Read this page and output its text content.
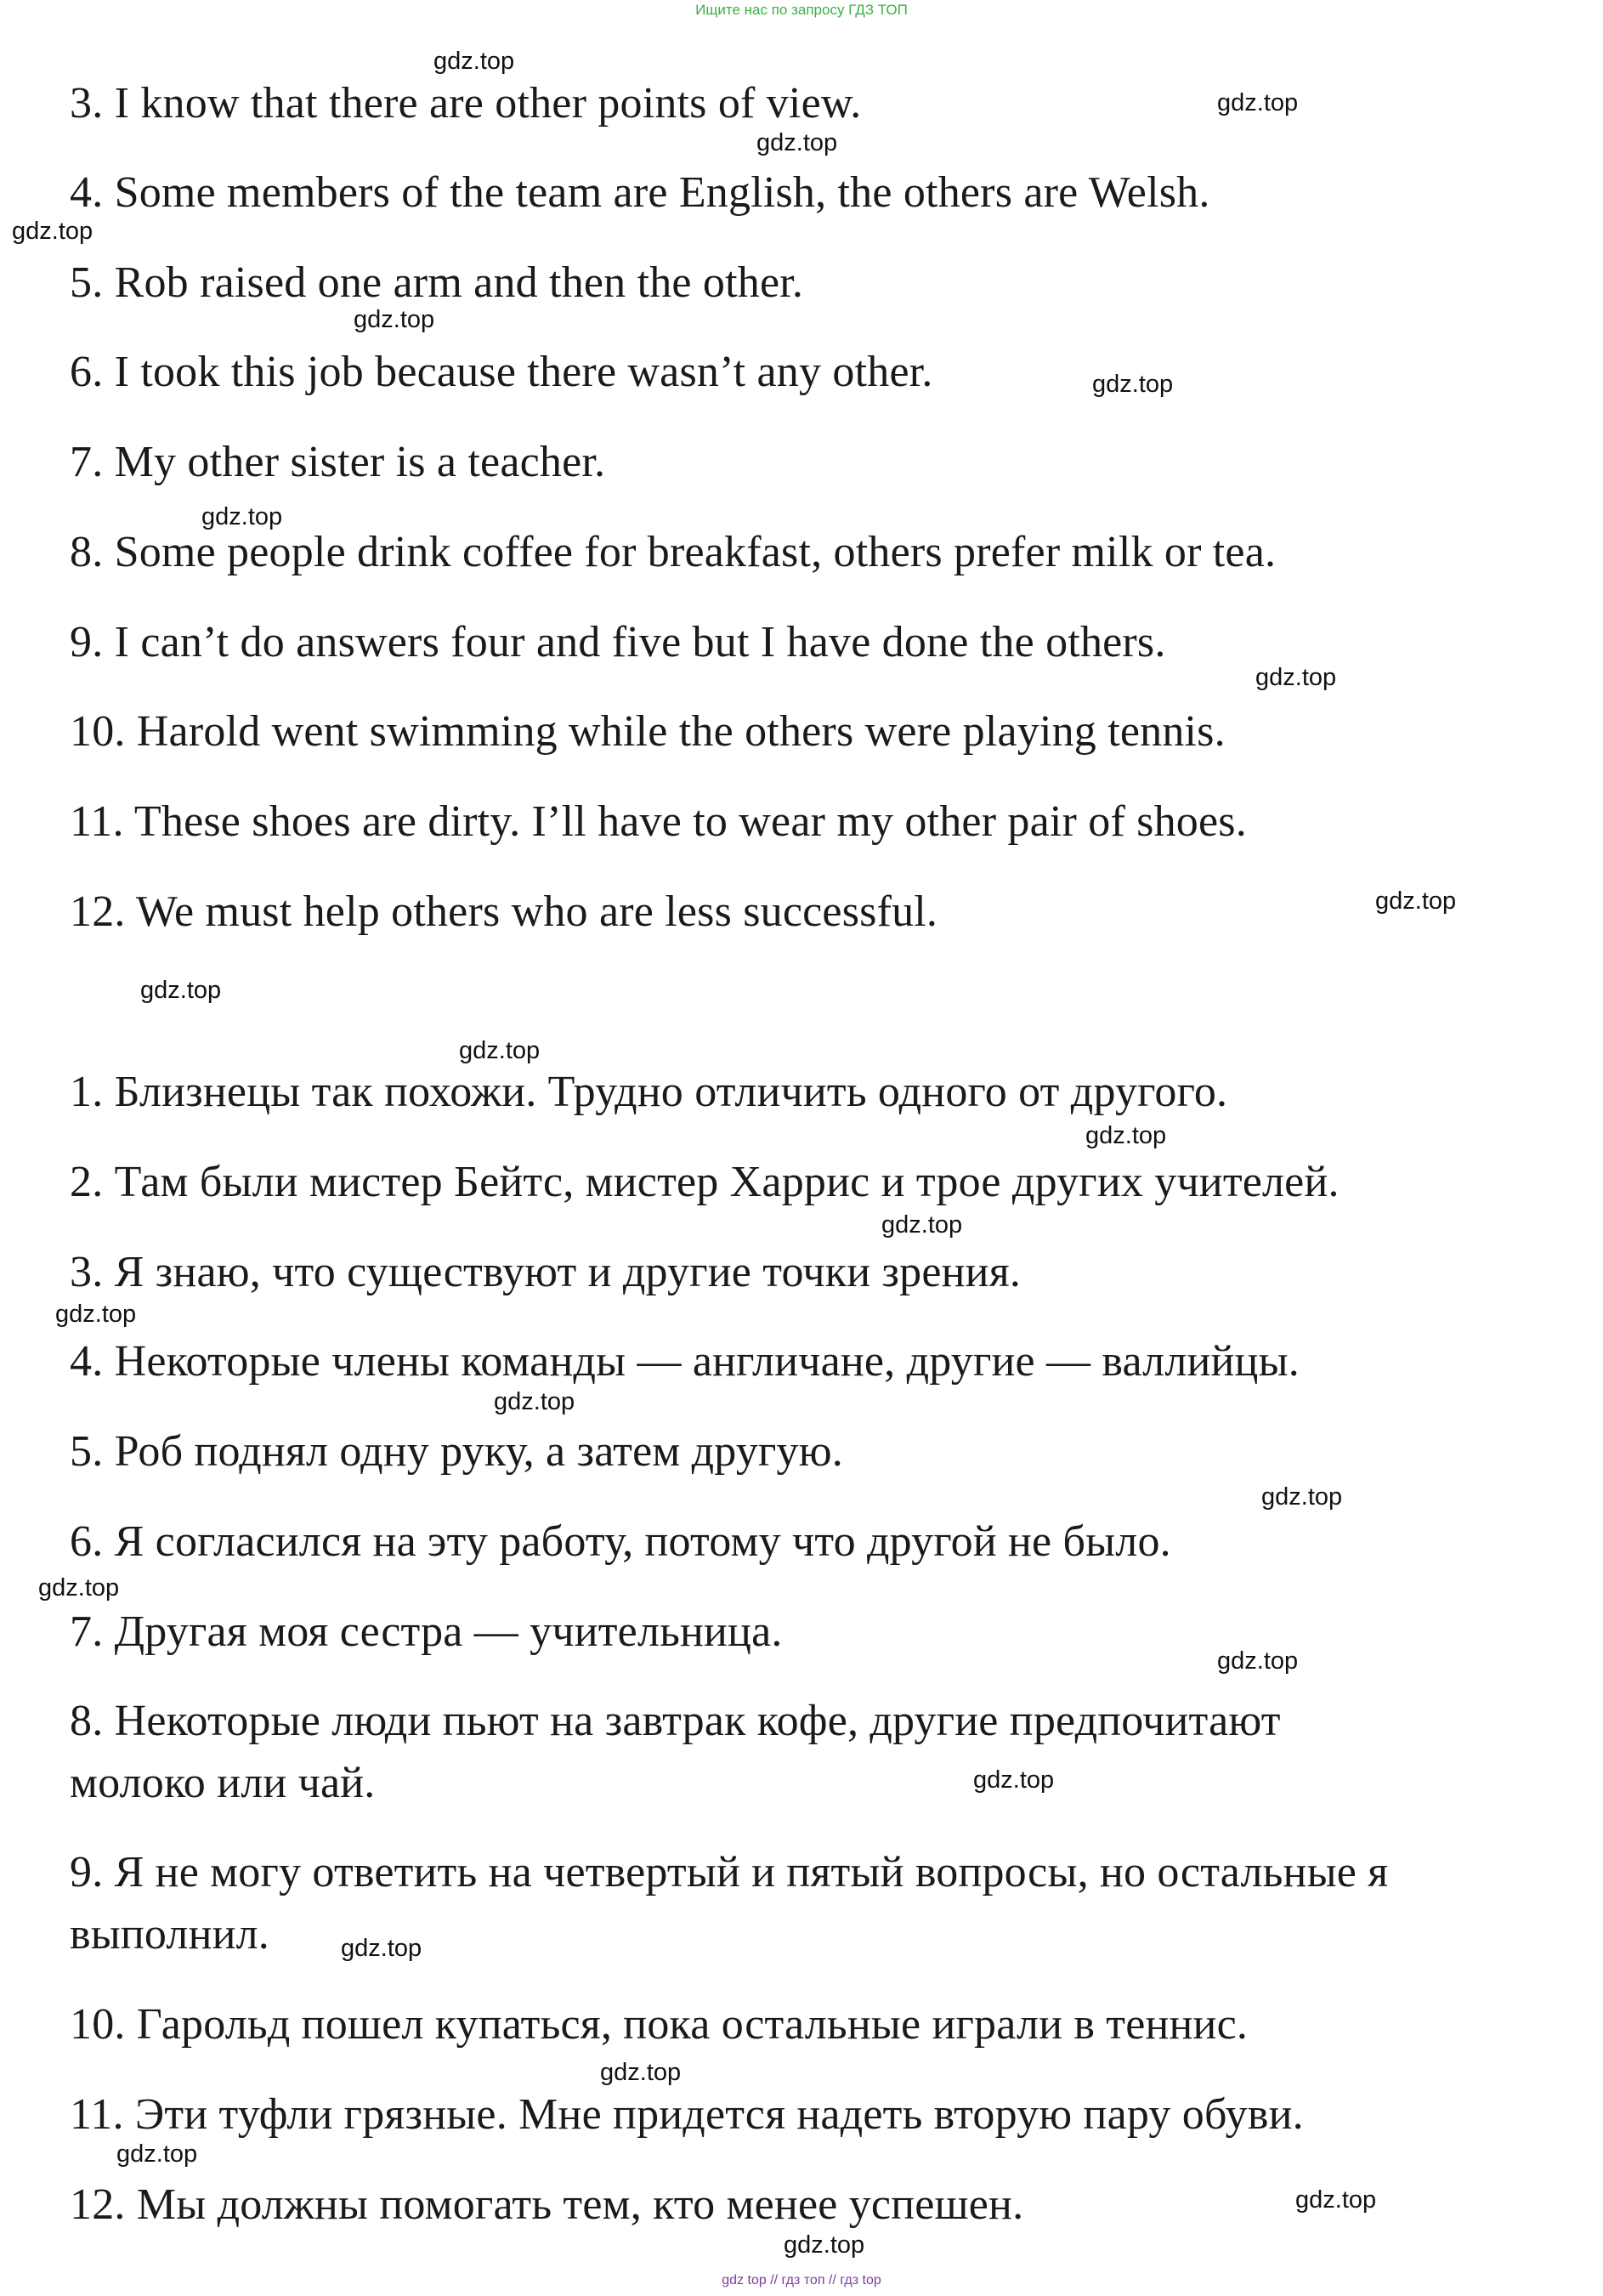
Ищите нас по запросу ГДЗ ТОП
3. I know that there are other points of view.
4. Some members of the team are English, the others are Welsh.
5. Rob raised one arm and then the other.
6. I took this job because there wasn’t any other.
7. My other sister is a teacher.
8. Some people drink coffee for breakfast, others prefer milk or tea.
9. I can’t do answers four and five but I have done the others.
10. Harold went swimming while the others were playing tennis.
11. These shoes are dirty. I’ll have to wear my other pair of shoes.
12. We must help others who are less successful.
1. Близнецы так похожи. Трудно отличить одного от другого.
2. Там были мистер Бейтс, мистер Харрис и трое других учителей.
3. Я знаю, что существуют и другие точки зрения.
4. Некоторые члены команды — англичане, другие — валлийцы.
5. Роб поднял одну руку, а затем другую.
6. Я согласился на эту работу, потому что другой не было.
7. Другая моя сестра — учительница.
8. Некоторые люди пьют на завтрак кофе, другие предпочитают
молоко или чай.
9. Я не могу ответить на четвертый и пятый вопросы, но остальные я
выполнил.
10. Гарольд пошел купаться, пока остальные играли в теннис.
11. Эти туфли грязные. Мне придется надеть вторую пару обуви.
12. Мы должны помогать тем, кто менее успешен.
gdz.top
gdz.top
gdz.top
gdz.top
gdz.top
gdz.top
gdz.top
gdz.top
gdz.top
gdz.top
gdz.top
gdz.top
gdz.top
gdz.top
gdz.top
gdz.top
gdz.top
gdz.top
gdz.top
gdz.top
gdz.top
gdz.top
gdz.top
gdz.top
gdz top // гдз топ // гдз top
